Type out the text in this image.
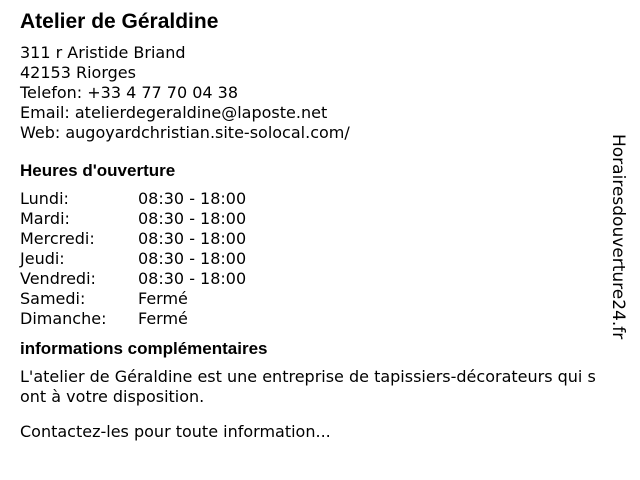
Atelier de Géraldine
311 r Aristide Briand
42153 Riorges
Telefon: +33 4 77 70 04 38
Email: atelierdegeraldine@laposte.net
Web: augoyardchristian.site-solocal.com/
Heures d'ouverture
Lundi:	08:30 - 18:00
Mardi:	08:30 - 18:00
Mercredi:	08:30 - 18:00
Jeudi:	08:30 - 18:00
Vendredi:	08:30 - 18:00
Samedi:	Fermé
Dimanche:	Fermé
informations complémentaires

L'atelier de Géraldine est une entreprise de tapissiers-décorateurs qui sont à votre disposition.

Contactez-les pour toute information...

Horairesdouverture24.fr
